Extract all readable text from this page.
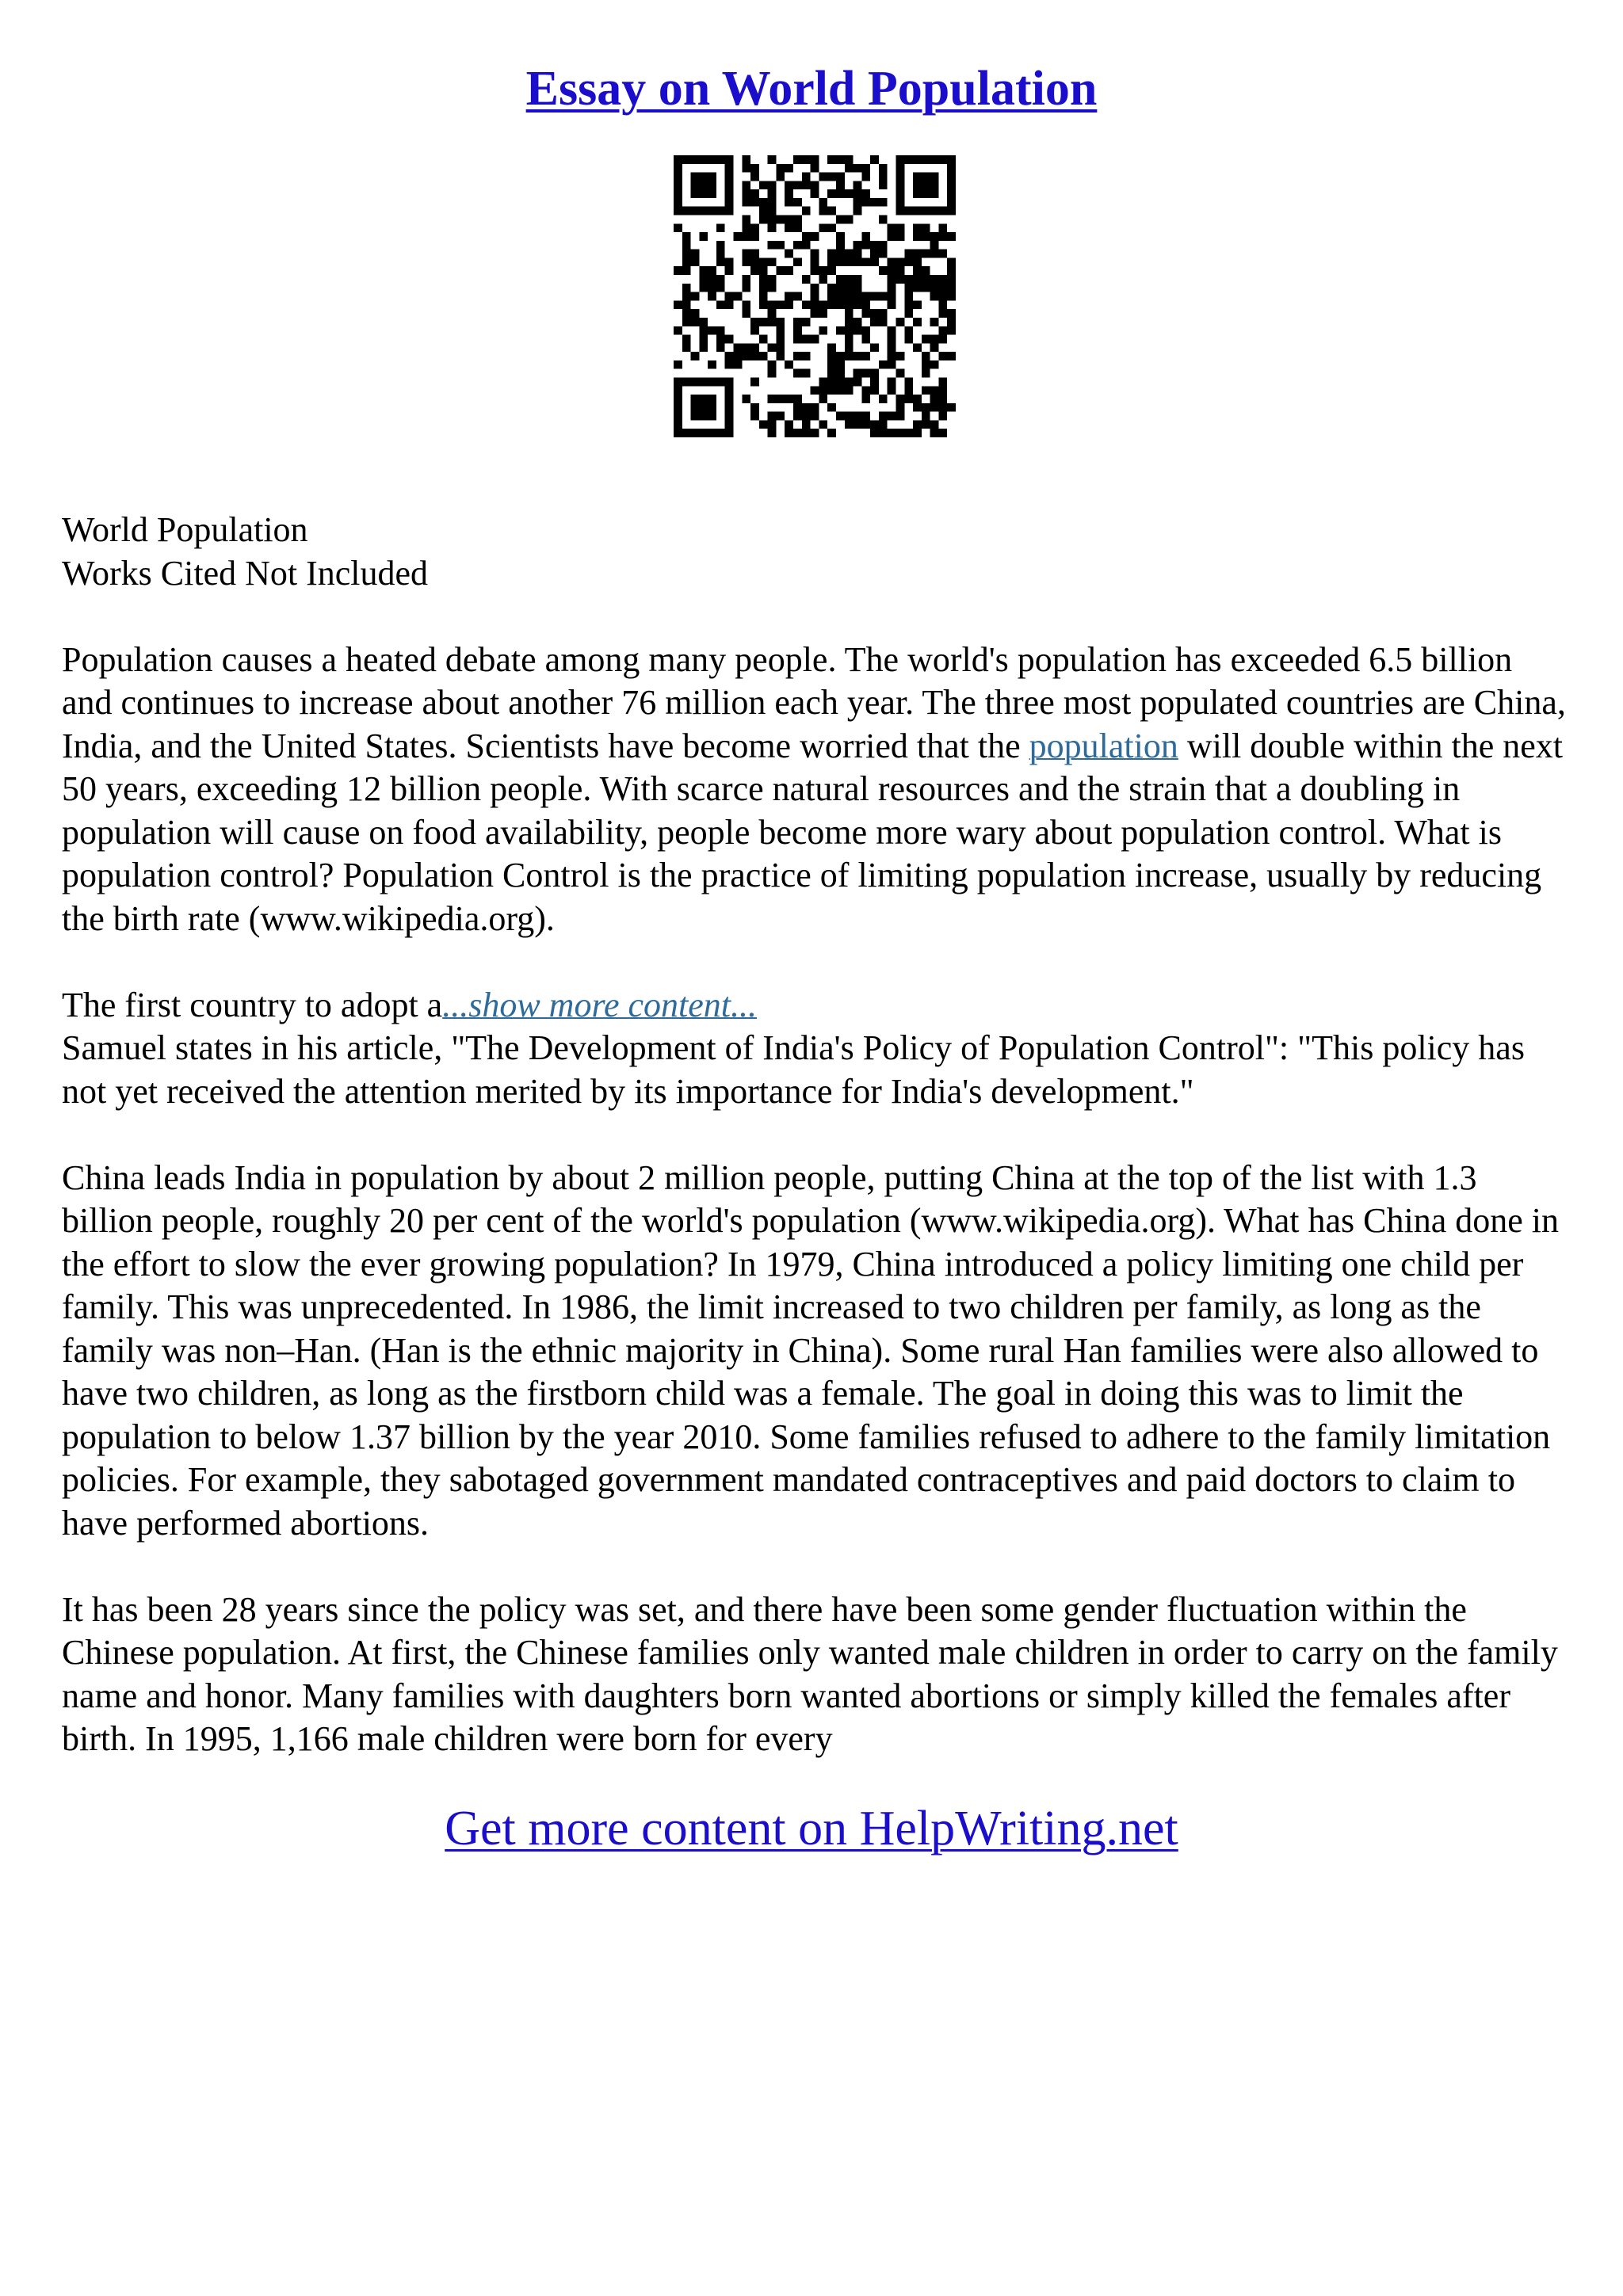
Essay on World Population

World Population
Works Cited Not Included

Population causes a heated debate among many people. The world's population has exceeded 6.5 billion and continues to increase about another 76 million each year. The three most populated countries are China, India, and the United States. Scientists have become worried that the population will double within the next 50 years, exceeding 12 billion people. With scarce natural resources and the strain that a doubling in population will cause on food availability, people become more wary about population control. What is population control? Population Control is the practice of limiting population increase, usually by reducing the birth rate (www.wikipedia.org).

The first country to adopt a...show more content...
Samuel states in his article, "The Development of India's Policy of Population Control": "This policy has not yet received the attention merited by its importance for India's development."

China leads India in population by about 2 million people, putting China at the top of the list with 1.3 billion people, roughly 20 per cent of the world's population (www.wikipedia.org). What has China done in the effort to slow the ever growing population? In 1979, China introduced a policy limiting one child per family. This was unprecedented. In 1986, the limit increased to two children per family, as long as the family was non–Han. (Han is the ethnic majority in China). Some rural Han families were also allowed to have two children, as long as the firstborn child was a female. The goal in doing this was to limit the population to below 1.37 billion by the year 2010. Some families refused to adhere to the family limitation policies. For example, they sabotaged government mandated contraceptives and paid doctors to claim to have performed abortions.

It has been 28 years since the policy was set, and there have been some gender fluctuation within the Chinese population. At first, the Chinese families only wanted male children in order to carry on the family name and honor. Many families with daughters born wanted abortions or simply killed the females after birth. In 1995, 1,166 male children were born for every

Get more content on HelpWriting.net
